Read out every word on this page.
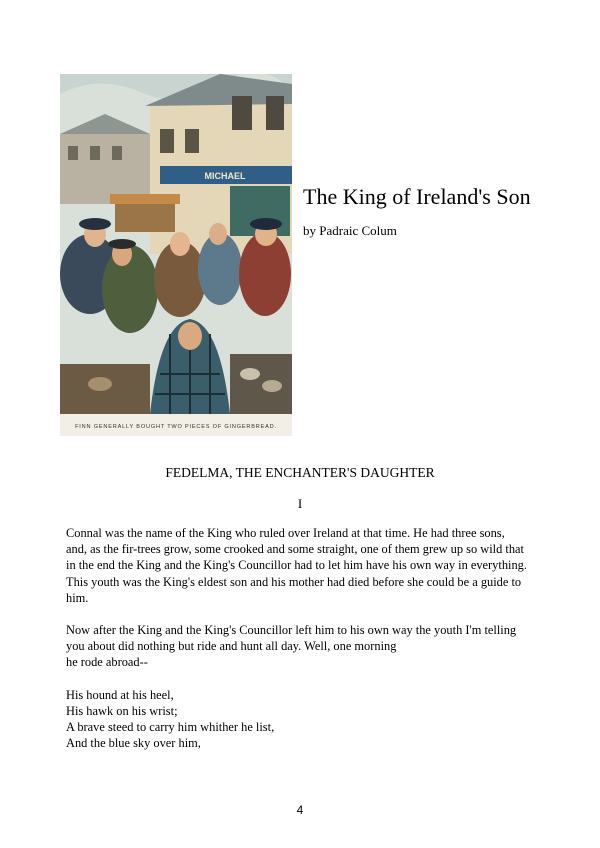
MICHAEL
FINN GENERALLY BOUGHT TWO PIECES OF GINGERBREAD.
The King of Ireland's Son
by Padraic Colum
FEDELMA, THE ENCHANTER'S DAUGHTER
I

Connal was the name of the King who ruled over Ireland at that time. He had three sons,
and, as the fir-trees grow, some crooked and some straight, one of them grew up so wild that
in the end the King and the King's Councillor had to let him have his own way in everything.
This youth was the King's eldest son and his mother had died before she could be a guide to
him.

Now after the King and the King's Councillor left him to his own way the youth I'm telling
you about did nothing but ride and hunt all day. Well, one morning
he rode abroad--

His hound at his heel,
His hawk on his wrist;
A brave steed to carry him whither he list,
And the blue sky over him,
4
